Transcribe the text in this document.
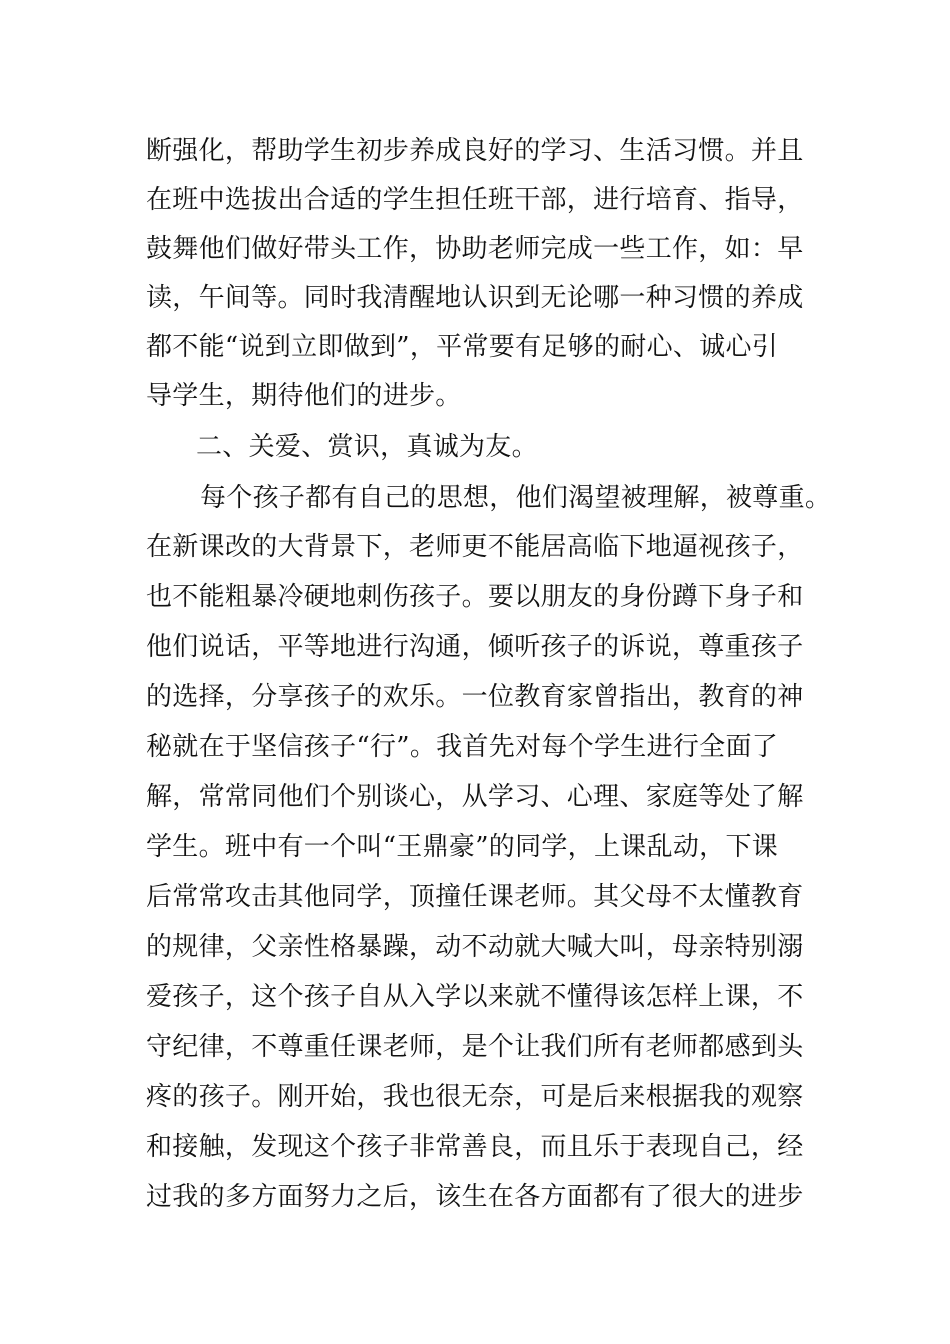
断强化，帮助学生初步养成良好的学习、生活习惯。并且
在班中选拔出合适的学生担任班干部，进行培育、指导，
鼓舞他们做好带头工作，协助老师完成一些工作，如：早
读，午间等。同时我清醒地认识到无论哪一种习惯的养成
都不能“说到立即做到”，平常要有足够的耐心、诚心引
导学生，期待他们的进步。
二、关爱、赏识，真诚为友。
每个孩子都有自己的思想，他们渴望被理解，被尊重。
在新课改的大背景下，老师更不能居高临下地逼视孩子，
也不能粗暴冷硬地刺伤孩子。要以朋友的身份蹲下身子和
他们说话，平等地进行沟通，倾听孩子的诉说，尊重孩子
的选择，分享孩子的欢乐。一位教育家曾指出，教育的神
秘就在于坚信孩子“行”。我首先对每个学生进行全面了
解，常常同他们个别谈心，从学习、心理、家庭等处了解
学生。班中有一个叫“王鼎豪”的同学，上课乱动，下课
后常常攻击其他同学，顶撞任课老师。其父母不太懂教育
的规律，父亲性格暴躁，动不动就大喊大叫，母亲特别溺
爱孩子，这个孩子自从入学以来就不懂得该怎样上课，不
守纪律，不尊重任课老师，是个让我们所有老师都感到头
疼的孩子。刚开始，我也很无奈，可是后来根据我的观察
和接触，发现这个孩子非常善良，而且乐于表现自己，经
过我的多方面努力之后，该生在各方面都有了很大的进步
